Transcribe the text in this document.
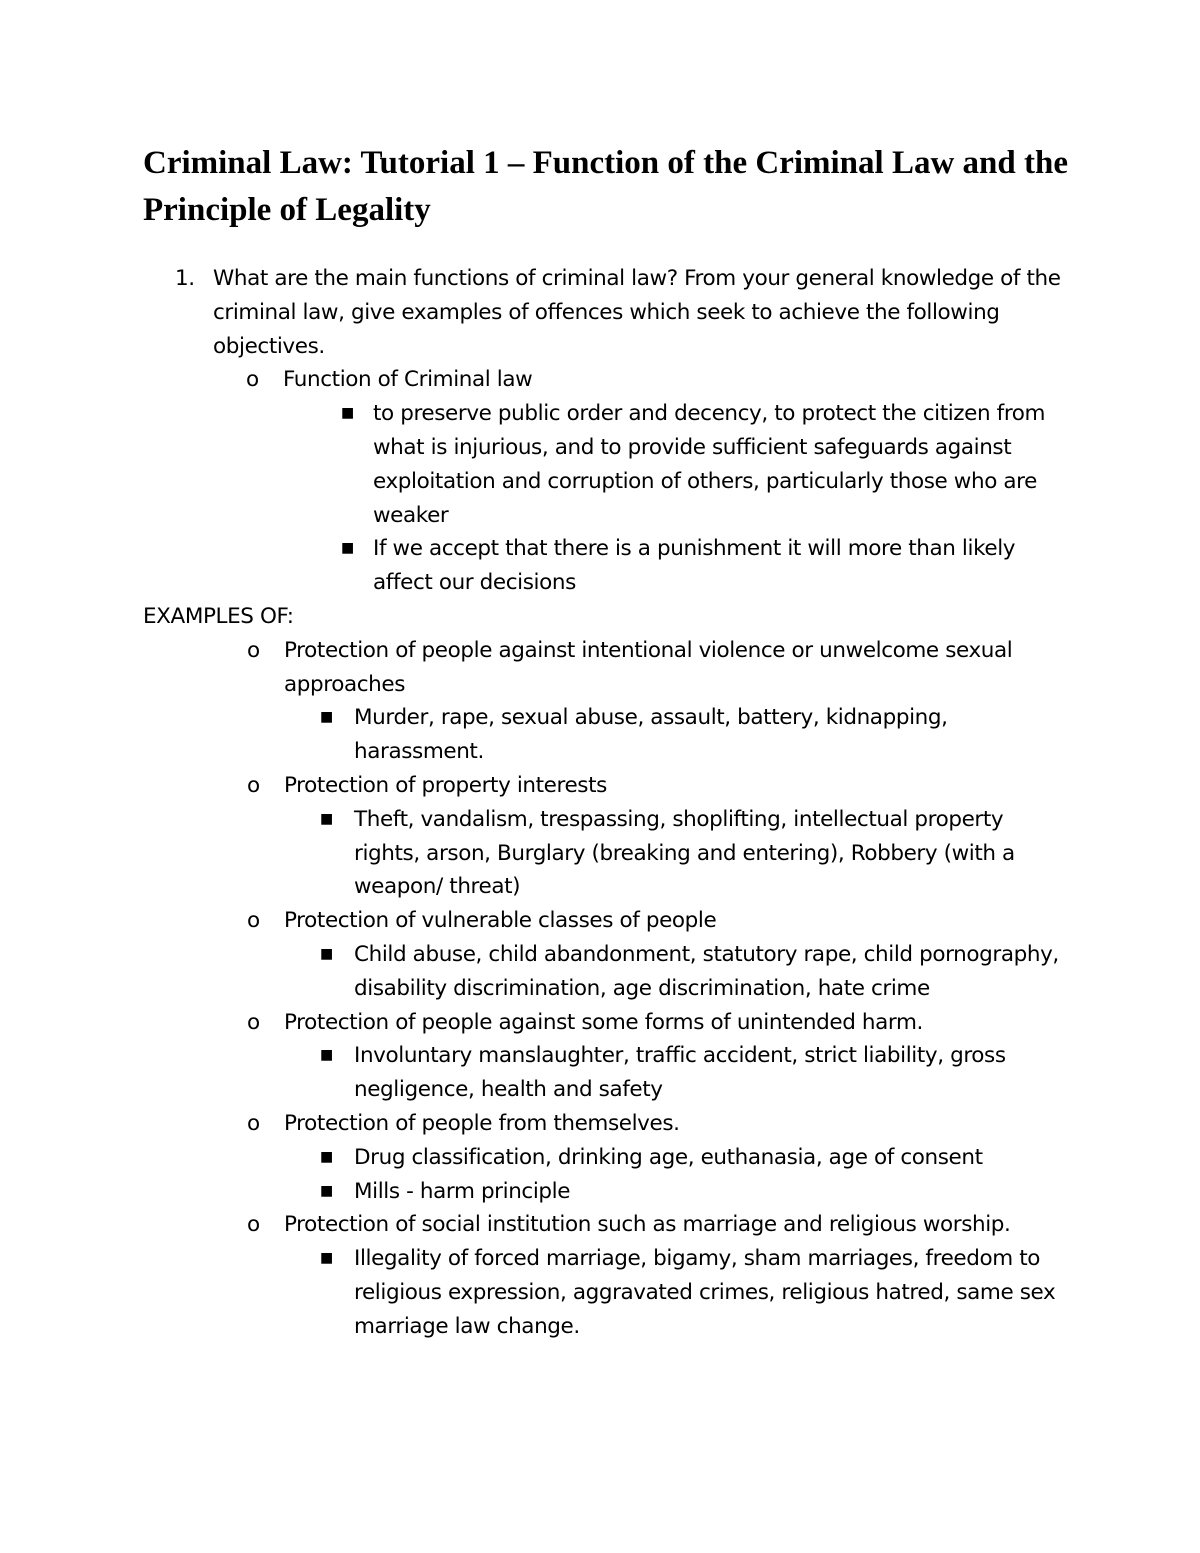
Criminal Law: Tutorial 1 – Function of the Criminal Law and the Principle of Legality
1. What are the main functions of criminal law? From your general knowledge of the criminal law, give examples of offences which seek to achieve the following objectives.
o Function of Criminal law
■ to preserve public order and decency, to protect the citizen from what is injurious, and to provide sufficient safeguards against exploitation and corruption of others, particularly those who are weaker
■ If we accept that there is a punishment it will more than likely affect our decisions
EXAMPLES OF:
o Protection of people against intentional violence or unwelcome sexual approaches
■ Murder, rape, sexual abuse, assault, battery, kidnapping, harassment.
o Protection of property interests
■ Theft, vandalism, trespassing, shoplifting, intellectual property rights, arson, Burglary (breaking and entering), Robbery (with a weapon/ threat)
o Protection of vulnerable classes of people
■ Child abuse, child abandonment, statutory rape, child pornography, disability discrimination, age discrimination, hate crime
o Protection of people against some forms of unintended harm.
■ Involuntary manslaughter, traffic accident, strict liability, gross negligence, health and safety
o Protection of people from themselves.
■ Drug classification, drinking age, euthanasia, age of consent
■ Mills - harm principle
o Protection of social institution such as marriage and religious worship.
■ Illegality of forced marriage, bigamy, sham marriages, freedom to religious expression, aggravated crimes, religious hatred, same sex marriage law change.
